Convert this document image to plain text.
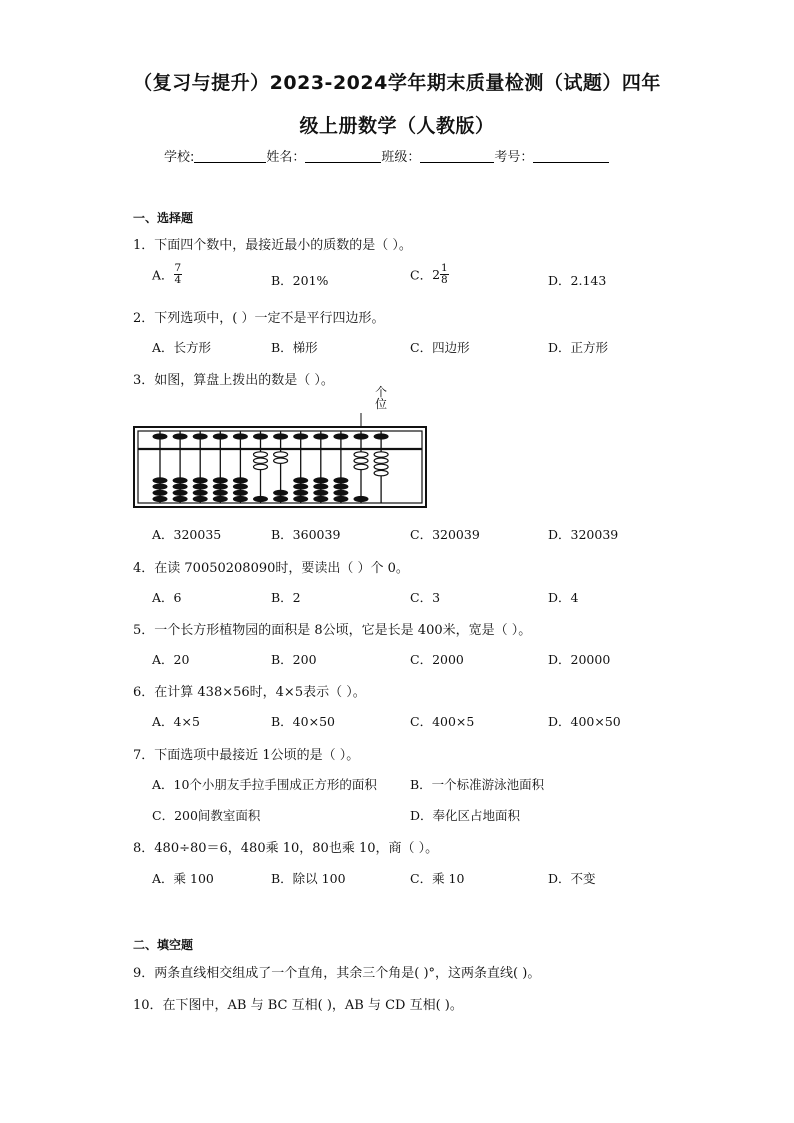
（复习与提升）2023-2024学年期末质量检测（试题）四年
级上册数学（人教版）
学校:	姓名：	班级：	考号：
一、选择题
1．下面四个数中，最接近最小的质数的是（ ）。
A． $\frac{7}{4}$	B．201%	C．$2 \frac{1}{8}$	D．2.143
2．下列选项中，( ）一定不是平行四边形。
A．长方形	B．梯形	C．四边形	D．正方形
3．如图，算盘上拨出的数是（ ）。
个
位
A．320035	B．360039	C．320039	D．320039
4．在读 70050208090时，要读出（ ）个 0。
A．6	B．2	C．3	D．4
5．一个长方形植物园的面积是 8公顷，它是长是 400米，宽是（ ）。
A．20	B．200	C．2000	D．20000
6．在计算 438×56时，4×5表示（ ）。
A．4×5	B．40×50	C．400×5	D．400×50
7．下面选项中最接近 1公顷的是（ ）。
A．10个小朋友手拉手围成正方形的面积	B．一个标准游泳池面积
C．200间教室面积	D．奉化区占地面积
8．480÷80＝6，480乘 10，80也乘 10，商（ ）。
A．乘 100	B．除以 100	C．乘 10	D．不变
二、填空题
9．两条直线相交组成了一个直角，其余三个角是( )°，这两条直线( )。
10．在下图中，AB 与 BC 互相( )，AB 与 CD 互相( )。
